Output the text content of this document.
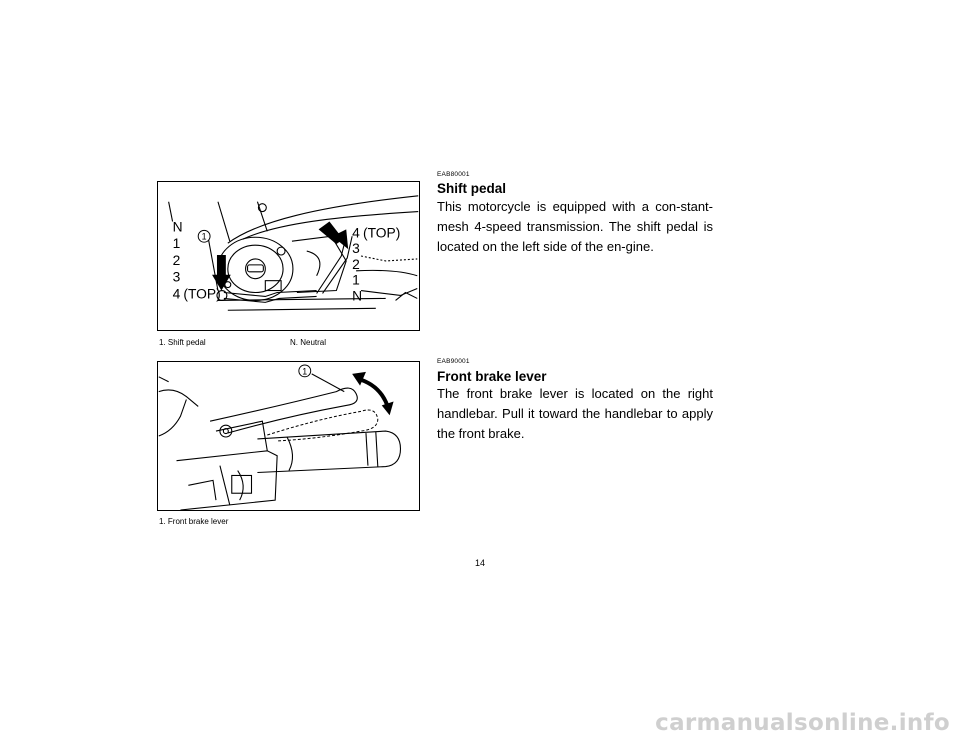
1
N
1
2
3
4 (TOP)
4 (TOP)
3
2
1
N
1. Shift pedal	N. Neutral
1
1. Front brake lever
EAB80001
Shift pedal
This motorcycle is equipped with a con-stant-mesh 4-speed transmission. The shift pedal is located on the left side of the en-gine.
EAB90001
Front brake lever
The front brake lever is located on the right handlebar. Pull it toward the handlebar to apply the front brake.
14
carmanualsonline.info
